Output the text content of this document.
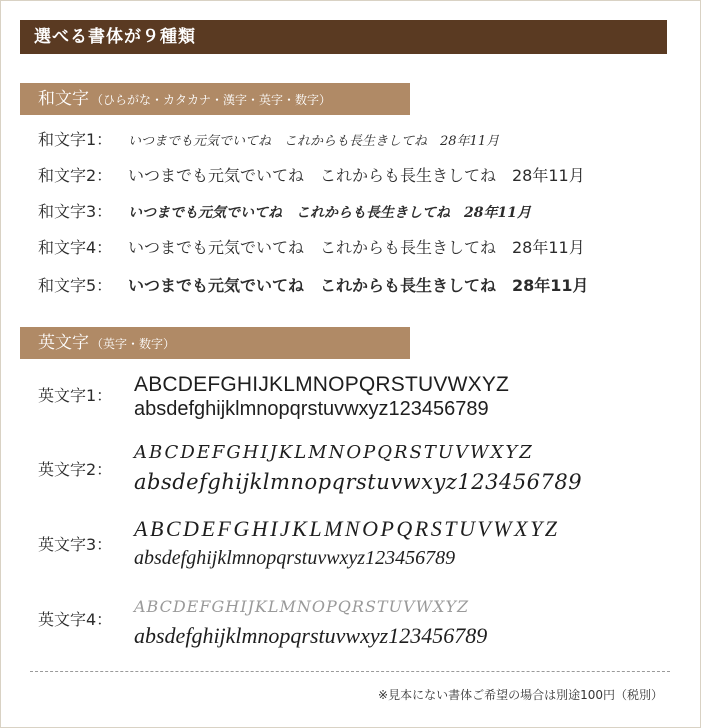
選べる書体が９種類
和文字 （ひらがな・カタカナ・漢字・英字・数字）
和文字1： いつまでも元気でいてね　これからも長生きしてね　28年11月
和文字2： いつまでも元気でいてね　これからも長生きしてね　28年11月
和文字3： いつまでも元気でいてね　これからも長生きしてね　28年11月
和文字4： いつまでも元気でいてね　これからも長生きしてね　28年11月
和文字5： いつまでも元気でいてね　これからも長生きしてね　28年11月
英文字 （英字・数字）
英文字1： ABCDEFGHIJKLMNOPQRSTUVWXYZ
absdefghijklmnopqrstuvwxyz123456789
英文字2：
ABCDEFGHIJKLMNOPQRSTUVWXYZ
absdefghijklmnopqrstuvwxyz123456789
英文字3：
ABCDEFGHIJKLMNOPQRSTUVWXYZ
absdefghijklmnopqrstuvwxyz123456789
英文字4：
ABCDEFGHIJKLMNOPQRSTUVWXYZ
absdefghijklmnopqrstuvwxyz123456789
※見本にない書体ご希望の場合は別途100円（税別）
